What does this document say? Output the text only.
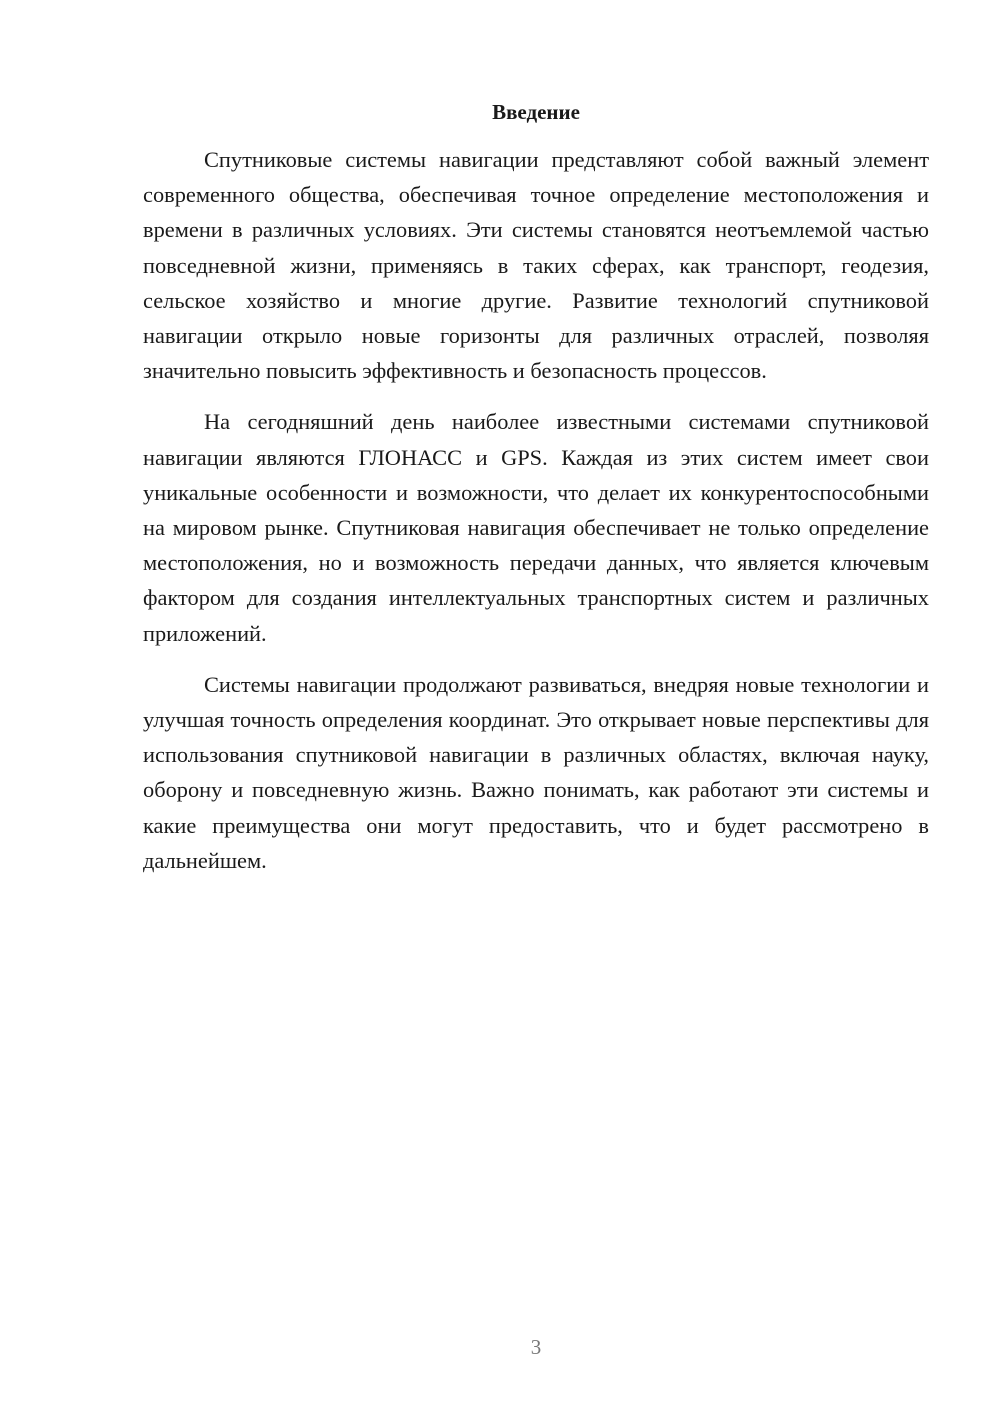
Введение

Спутниковые системы навигации представляют собой важный элемент современного общества, обеспечивая точное определение местоположения и времени в различных условиях. Эти системы становятся неотъемлемой частью повседневной жизни, применяясь в таких сферах, как транспорт, геодезия, сельское хозяйство и многие другие. Развитие технологий спутниковой навигации открыло новые горизонты для различных отраслей, позволяя значительно повысить эффективность и безопасность процессов.

На сегодняшний день наиболее известными системами спутниковой навигации являются ГЛОНАСС и GPS. Каждая из этих систем имеет свои уникальные особенности и возможности, что делает их конкурентоспособными на мировом рынке. Спутниковая навигация обеспечивает не только определение местоположения, но и возможность передачи данных, что является ключевым фактором для создания интеллектуальных транспортных систем и различных приложений.

Системы навигации продолжают развиваться, внедряя новые технологии и улучшая точность определения координат. Это открывает новые перспективы для использования спутниковой навигации в различных областях, включая науку, оборону и повседневную жизнь. Важно понимать, как работают эти системы и какие преимущества они могут предоставить, что и будет рассмотрено в дальнейшем.

3
